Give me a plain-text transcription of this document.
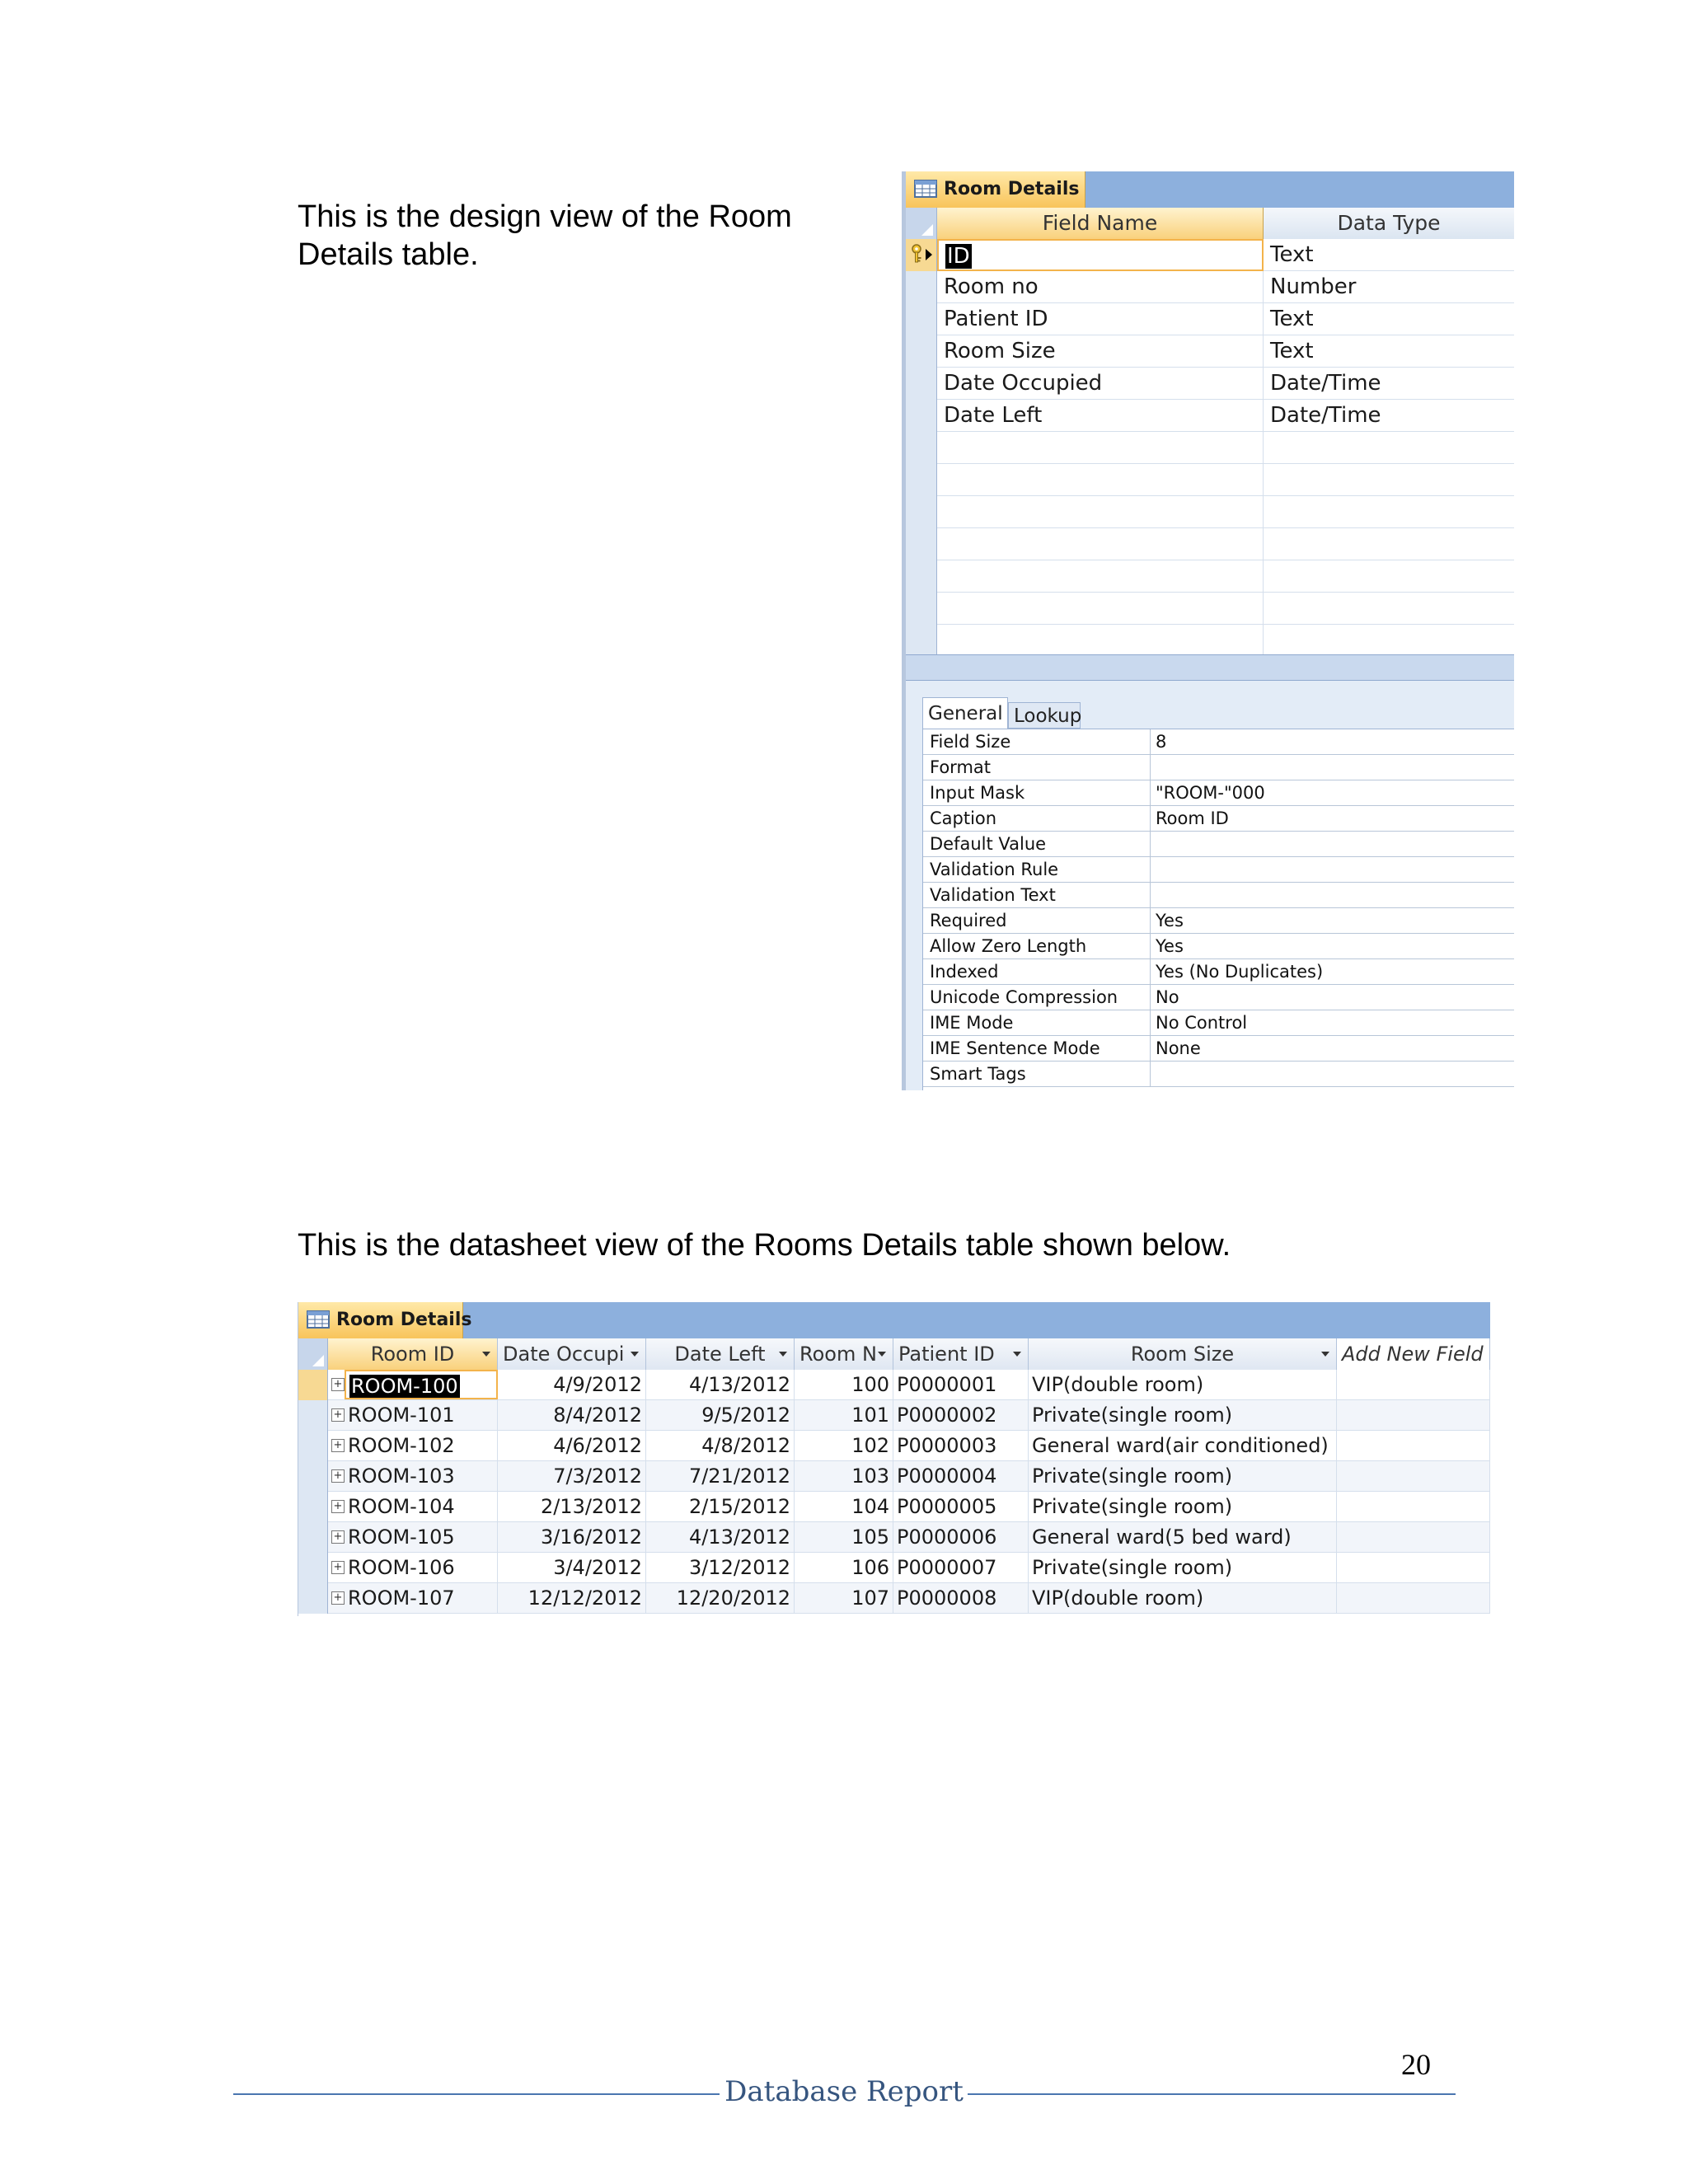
This is the design view of the Room Details table.
Room Details
Field Name	Data Type
ID	Text
Room no	Number
Patient ID	Text
Room Size	Text
Date Occupied	Date/Time
Date Left	Date/Time
General Lookup
Field Size	8
Format
Input Mask	"ROOM-"000
Caption	Room ID
Default Value
Validation Rule
Validation Text
Required	Yes
Allow Zero Length	Yes
Indexed	Yes (No Duplicates)
Unicode Compression	No
IME Mode	No Control
IME Sentence Mode	None
Smart Tags
This is the datasheet view of the Rooms Details table shown below.
Room Details
Room ID	Date Occupi	Date Left	Room N	Patient ID	Room Size	Add New Field
+ ROOM-100	4/9/2012	4/13/2012	100 P0000001	VIP(double room)
+ ROOM-101	8/4/2012	9/5/2012	101 P0000002	Private(single room)
+ ROOM-102	4/6/2012	4/8/2012	102 P0000003	General ward(air conditioned)
+ ROOM-103	7/3/2012	7/21/2012	103 P0000004	Private(single room)
+ ROOM-104	2/13/2012	2/15/2012	104 P0000005	Private(single room)
+ ROOM-105	3/16/2012	4/13/2012	105 P0000006	General ward(5 bed ward)
+ ROOM-106	3/4/2012	3/12/2012	106 P0000007	Private(single room)
+ ROOM-107	12/12/2012	12/20/2012	107 P0000008	VIP(double room)
20
Database Report
